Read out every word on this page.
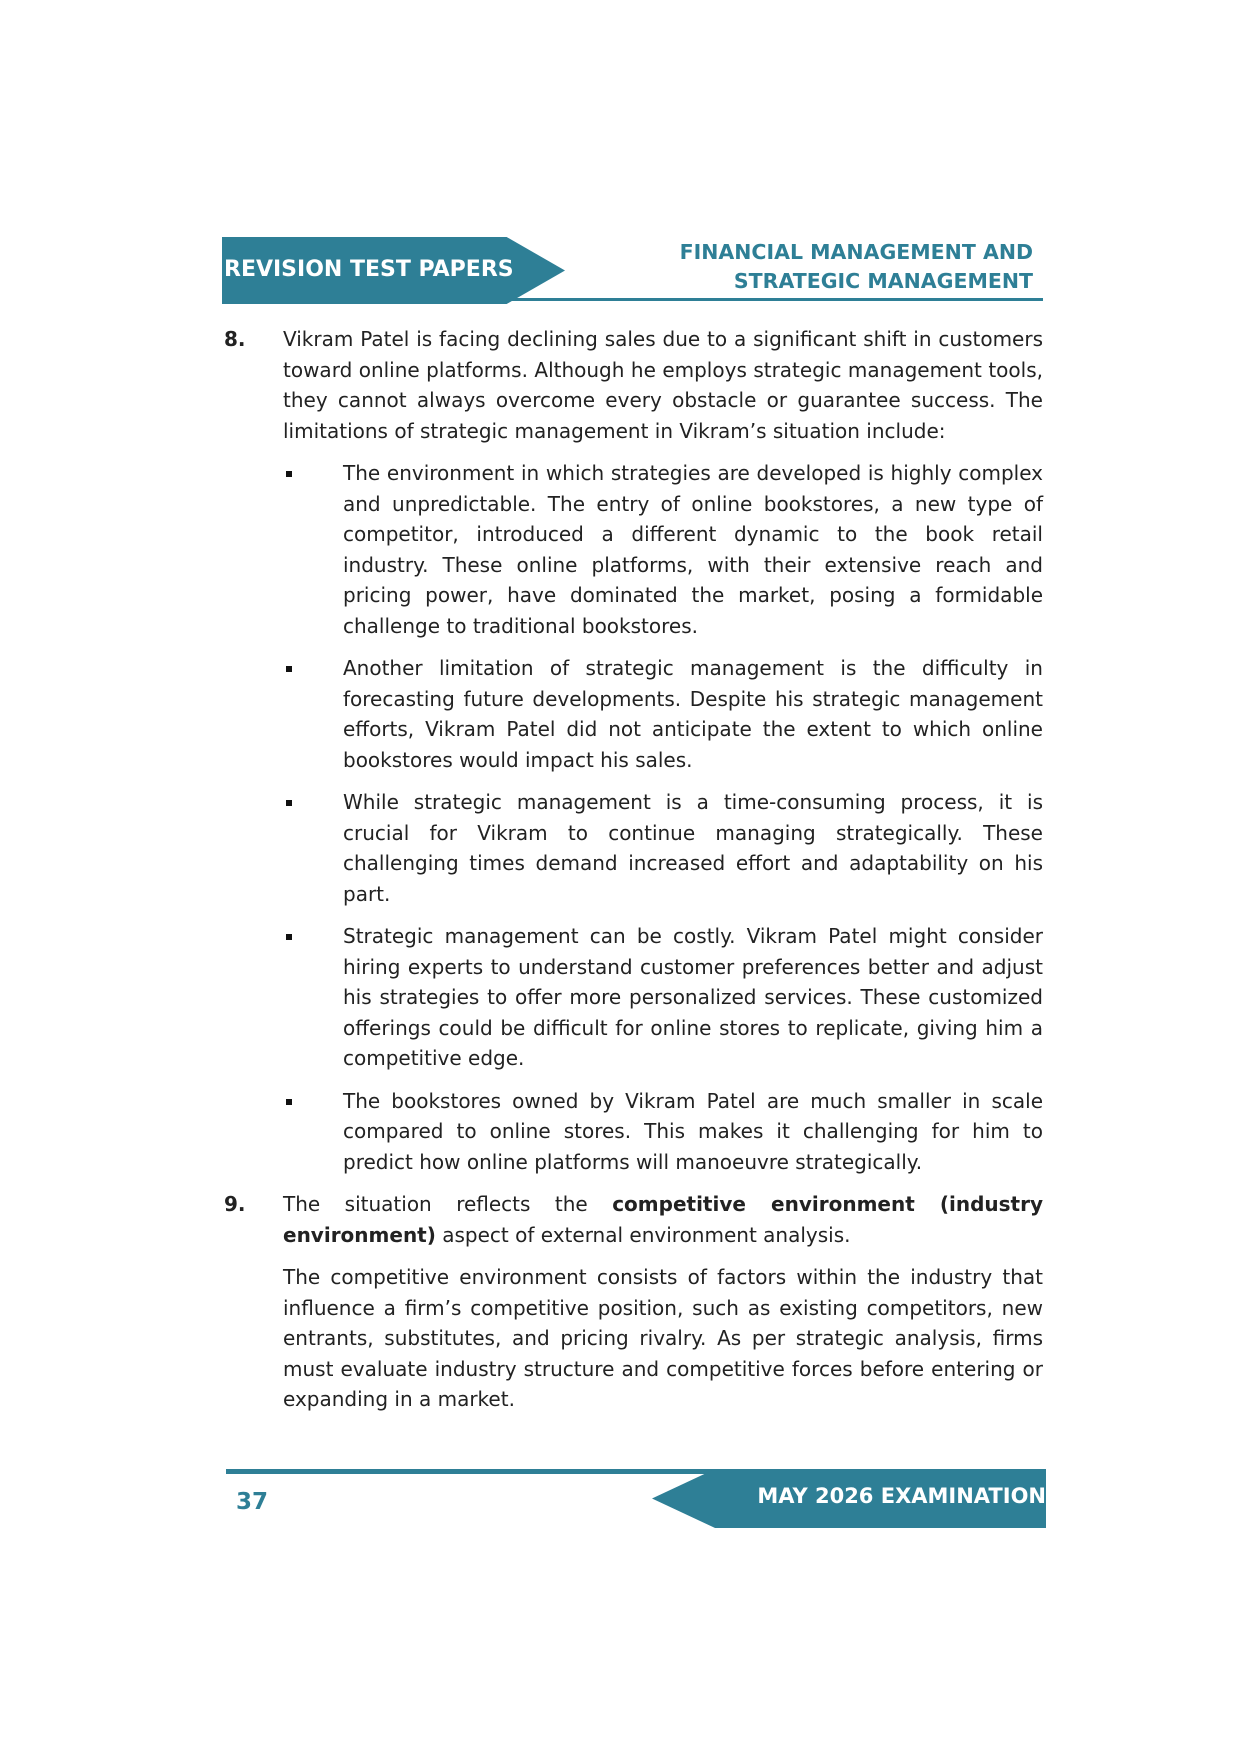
REVISION TEST PAPERS
FINANCIAL MANAGEMENT AND
STRATEGIC MANAGEMENT
8. Vikram Patel is facing declining sales due to a significant shift in customers toward online platforms. Although he employs strategic management tools, they cannot always overcome every obstacle or guarantee success. The limitations of strategic management in Vikram’s situation include:

The environment in which strategies are developed is highly complex and unpredictable. The entry of online bookstores, a new type of competitor, introduced a different dynamic to the book retail industry. These online platforms, with their extensive reach and pricing power, have dominated the market, posing a formidable challenge to traditional bookstores.

Another limitation of strategic management is the difficulty in forecasting future developments. Despite his strategic management efforts, Vikram Patel did not anticipate the extent to which online bookstores would impact his sales.

While strategic management is a time-consuming process, it is crucial for Vikram to continue managing strategically. These challenging times demand increased effort and adaptability on his part.

Strategic management can be costly. Vikram Patel might consider hiring experts to understand customer preferences better and adjust his strategies to offer more personalized services. These customized offerings could be difficult for online stores to replicate, giving him a competitive edge.

The bookstores owned by Vikram Patel are much smaller in scale compared to online stores. This makes it challenging for him to predict how online platforms will manoeuvre strategically.

9. The situation reflects the competitive environment (industry environment) aspect of external environment analysis.

The competitive environment consists of factors within the industry that influence a firm’s competitive position, such as existing competitors, new entrants, substitutes, and pricing rivalry. As per strategic analysis, firms must evaluate industry structure and competitive forces before entering or expanding in a market.

MAY 2026 EXAMINATION
37
